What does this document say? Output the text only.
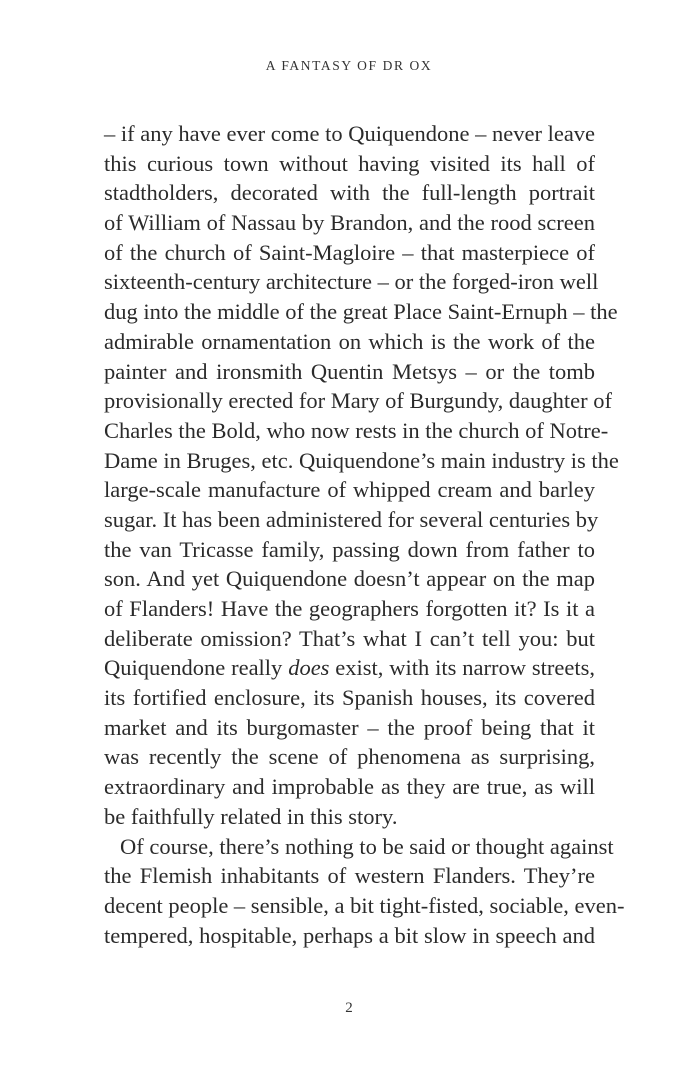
A FANTASY OF DR OX
– if any have ever come to Quiquendone – never leave
this curious town without having visited its hall of
stadtholders, decorated with the full-length portrait
of William of Nassau by Brandon, and the rood screen
of the church of Saint-Magloire – that masterpiece of
sixteenth-century architecture – or the forged-iron well
dug into the middle of the great Place Saint-Ernuph – the
admirable ornamentation on which is the work of the
painter and ironsmith Quentin Metsys – or the tomb
provisionally erected for Mary of Burgundy, daughter of
Charles the Bold, who now rests in the church of Notre-
Dame in Bruges, etc. Quiquendone’s main industry is the
large-scale manufacture of whipped cream and barley
sugar. It has been administered for several centuries by
the van Tricasse family, passing down from father to
son. And yet Quiquendone doesn’t appear on the map
of Flanders! Have the geographers forgotten it? Is it a
deliberate omission? That’s what I can’t tell you: but
Quiquendone really does exist, with its narrow streets,
its fortified enclosure, its Spanish houses, its covered
market and its burgomaster – the proof being that it
was recently the scene of phenomena as surprising,
extraordinary and improbable as they are true, as will
be faithfully related in this story.
Of course, there’s nothing to be said or thought against
the Flemish inhabitants of western Flanders. They’re
decent people – sensible, a bit tight-fisted, sociable, even-
tempered, hospitable, perhaps a bit slow in speech and
2
